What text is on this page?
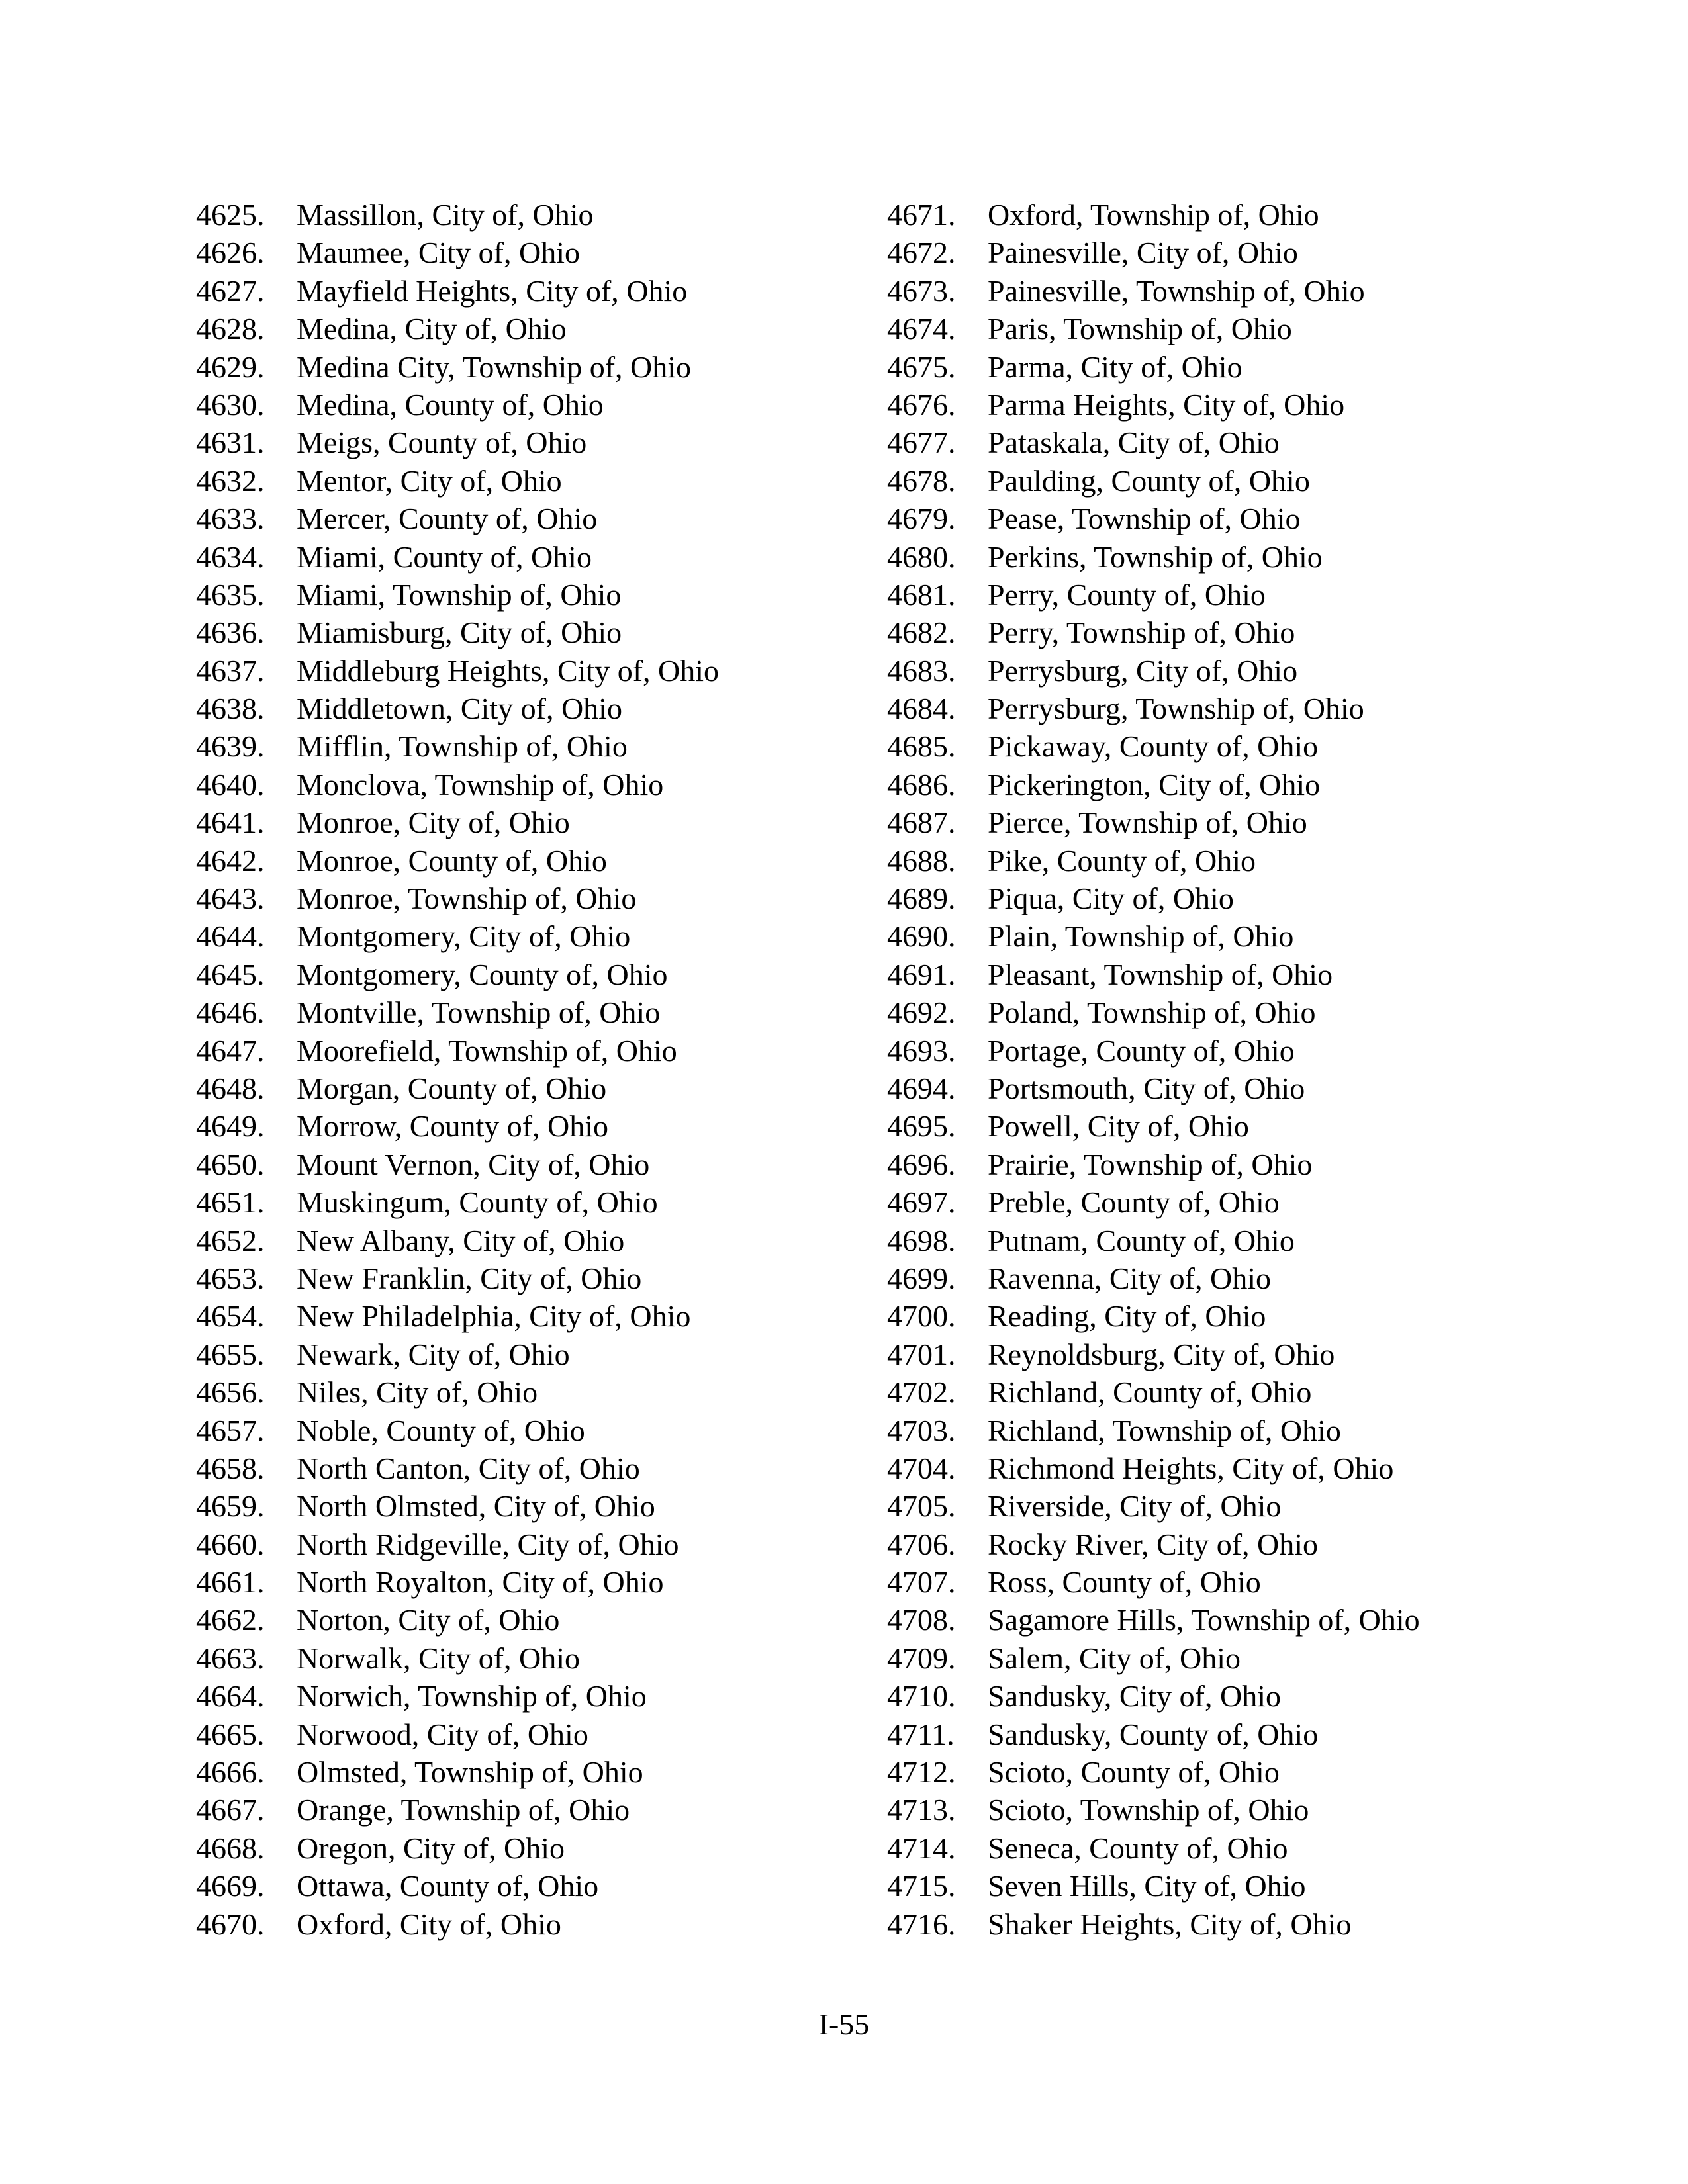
4625.	Massillon, City of, Ohio
4626.	Maumee, City of, Ohio
4627.	Mayfield Heights, City of, Ohio
4628.	Medina, City of, Ohio
4629.	Medina City, Township of, Ohio
4630.	Medina, County of, Ohio
4631.	Meigs, County of, Ohio
4632.	Mentor, City of, Ohio
4633.	Mercer, County of, Ohio
4634.	Miami, County of, Ohio
4635.	Miami, Township of, Ohio
4636.	Miamisburg, City of, Ohio
4637.	Middleburg Heights, City of, Ohio
4638.	Middletown, City of, Ohio
4639.	Mifflin, Township of, Ohio
4640.	Monclova, Township of, Ohio
4641.	Monroe, City of, Ohio
4642.	Monroe, County of, Ohio
4643.	Monroe, Township of, Ohio
4644.	Montgomery, City of, Ohio
4645.	Montgomery, County of, Ohio
4646.	Montville, Township of, Ohio
4647.	Moorefield, Township of, Ohio
4648.	Morgan, County of, Ohio
4649.	Morrow, County of, Ohio
4650.	Mount Vernon, City of, Ohio
4651.	Muskingum, County of, Ohio
4652.	New Albany, City of, Ohio
4653.	New Franklin, City of, Ohio
4654.	New Philadelphia, City of, Ohio
4655.	Newark, City of, Ohio
4656.	Niles, City of, Ohio
4657.	Noble, County of, Ohio
4658.	North Canton, City of, Ohio
4659.	North Olmsted, City of, Ohio
4660.	North Ridgeville, City of, Ohio
4661.	North Royalton, City of, Ohio
4662.	Norton, City of, Ohio
4663.	Norwalk, City of, Ohio
4664.	Norwich, Township of, Ohio
4665.	Norwood, City of, Ohio
4666.	Olmsted, Township of, Ohio
4667.	Orange, Township of, Ohio
4668.	Oregon, City of, Ohio
4669.	Ottawa, County of, Ohio
4670.	Oxford, City of, Ohio
4671.	Oxford, Township of, Ohio
4672.	Painesville, City of, Ohio
4673.	Painesville, Township of, Ohio
4674.	Paris, Township of, Ohio
4675.	Parma, City of, Ohio
4676.	Parma Heights, City of, Ohio
4677.	Pataskala, City of, Ohio
4678.	Paulding, County of, Ohio
4679.	Pease, Township of, Ohio
4680.	Perkins, Township of, Ohio
4681.	Perry, County of, Ohio
4682.	Perry, Township of, Ohio
4683.	Perrysburg, City of, Ohio
4684.	Perrysburg, Township of, Ohio
4685.	Pickaway, County of, Ohio
4686.	Pickerington, City of, Ohio
4687.	Pierce, Township of, Ohio
4688.	Pike, County of, Ohio
4689.	Piqua, City of, Ohio
4690.	Plain, Township of, Ohio
4691.	Pleasant, Township of, Ohio
4692.	Poland, Township of, Ohio
4693.	Portage, County of, Ohio
4694.	Portsmouth, City of, Ohio
4695.	Powell, City of, Ohio
4696.	Prairie, Township of, Ohio
4697.	Preble, County of, Ohio
4698.	Putnam, County of, Ohio
4699.	Ravenna, City of, Ohio
4700.	Reading, City of, Ohio
4701.	Reynoldsburg, City of, Ohio
4702.	Richland, County of, Ohio
4703.	Richland, Township of, Ohio
4704.	Richmond Heights, City of, Ohio
4705.	Riverside, City of, Ohio
4706.	Rocky River, City of, Ohio
4707.	Ross, County of, Ohio
4708.	Sagamore Hills, Township of, Ohio
4709.	Salem, City of, Ohio
4710.	Sandusky, City of, Ohio
4711.	Sandusky, County of, Ohio
4712.	Scioto, County of, Ohio
4713.	Scioto, Township of, Ohio
4714.	Seneca, County of, Ohio
4715.	Seven Hills, City of, Ohio
4716.	Shaker Heights, City of, Ohio
I-55
